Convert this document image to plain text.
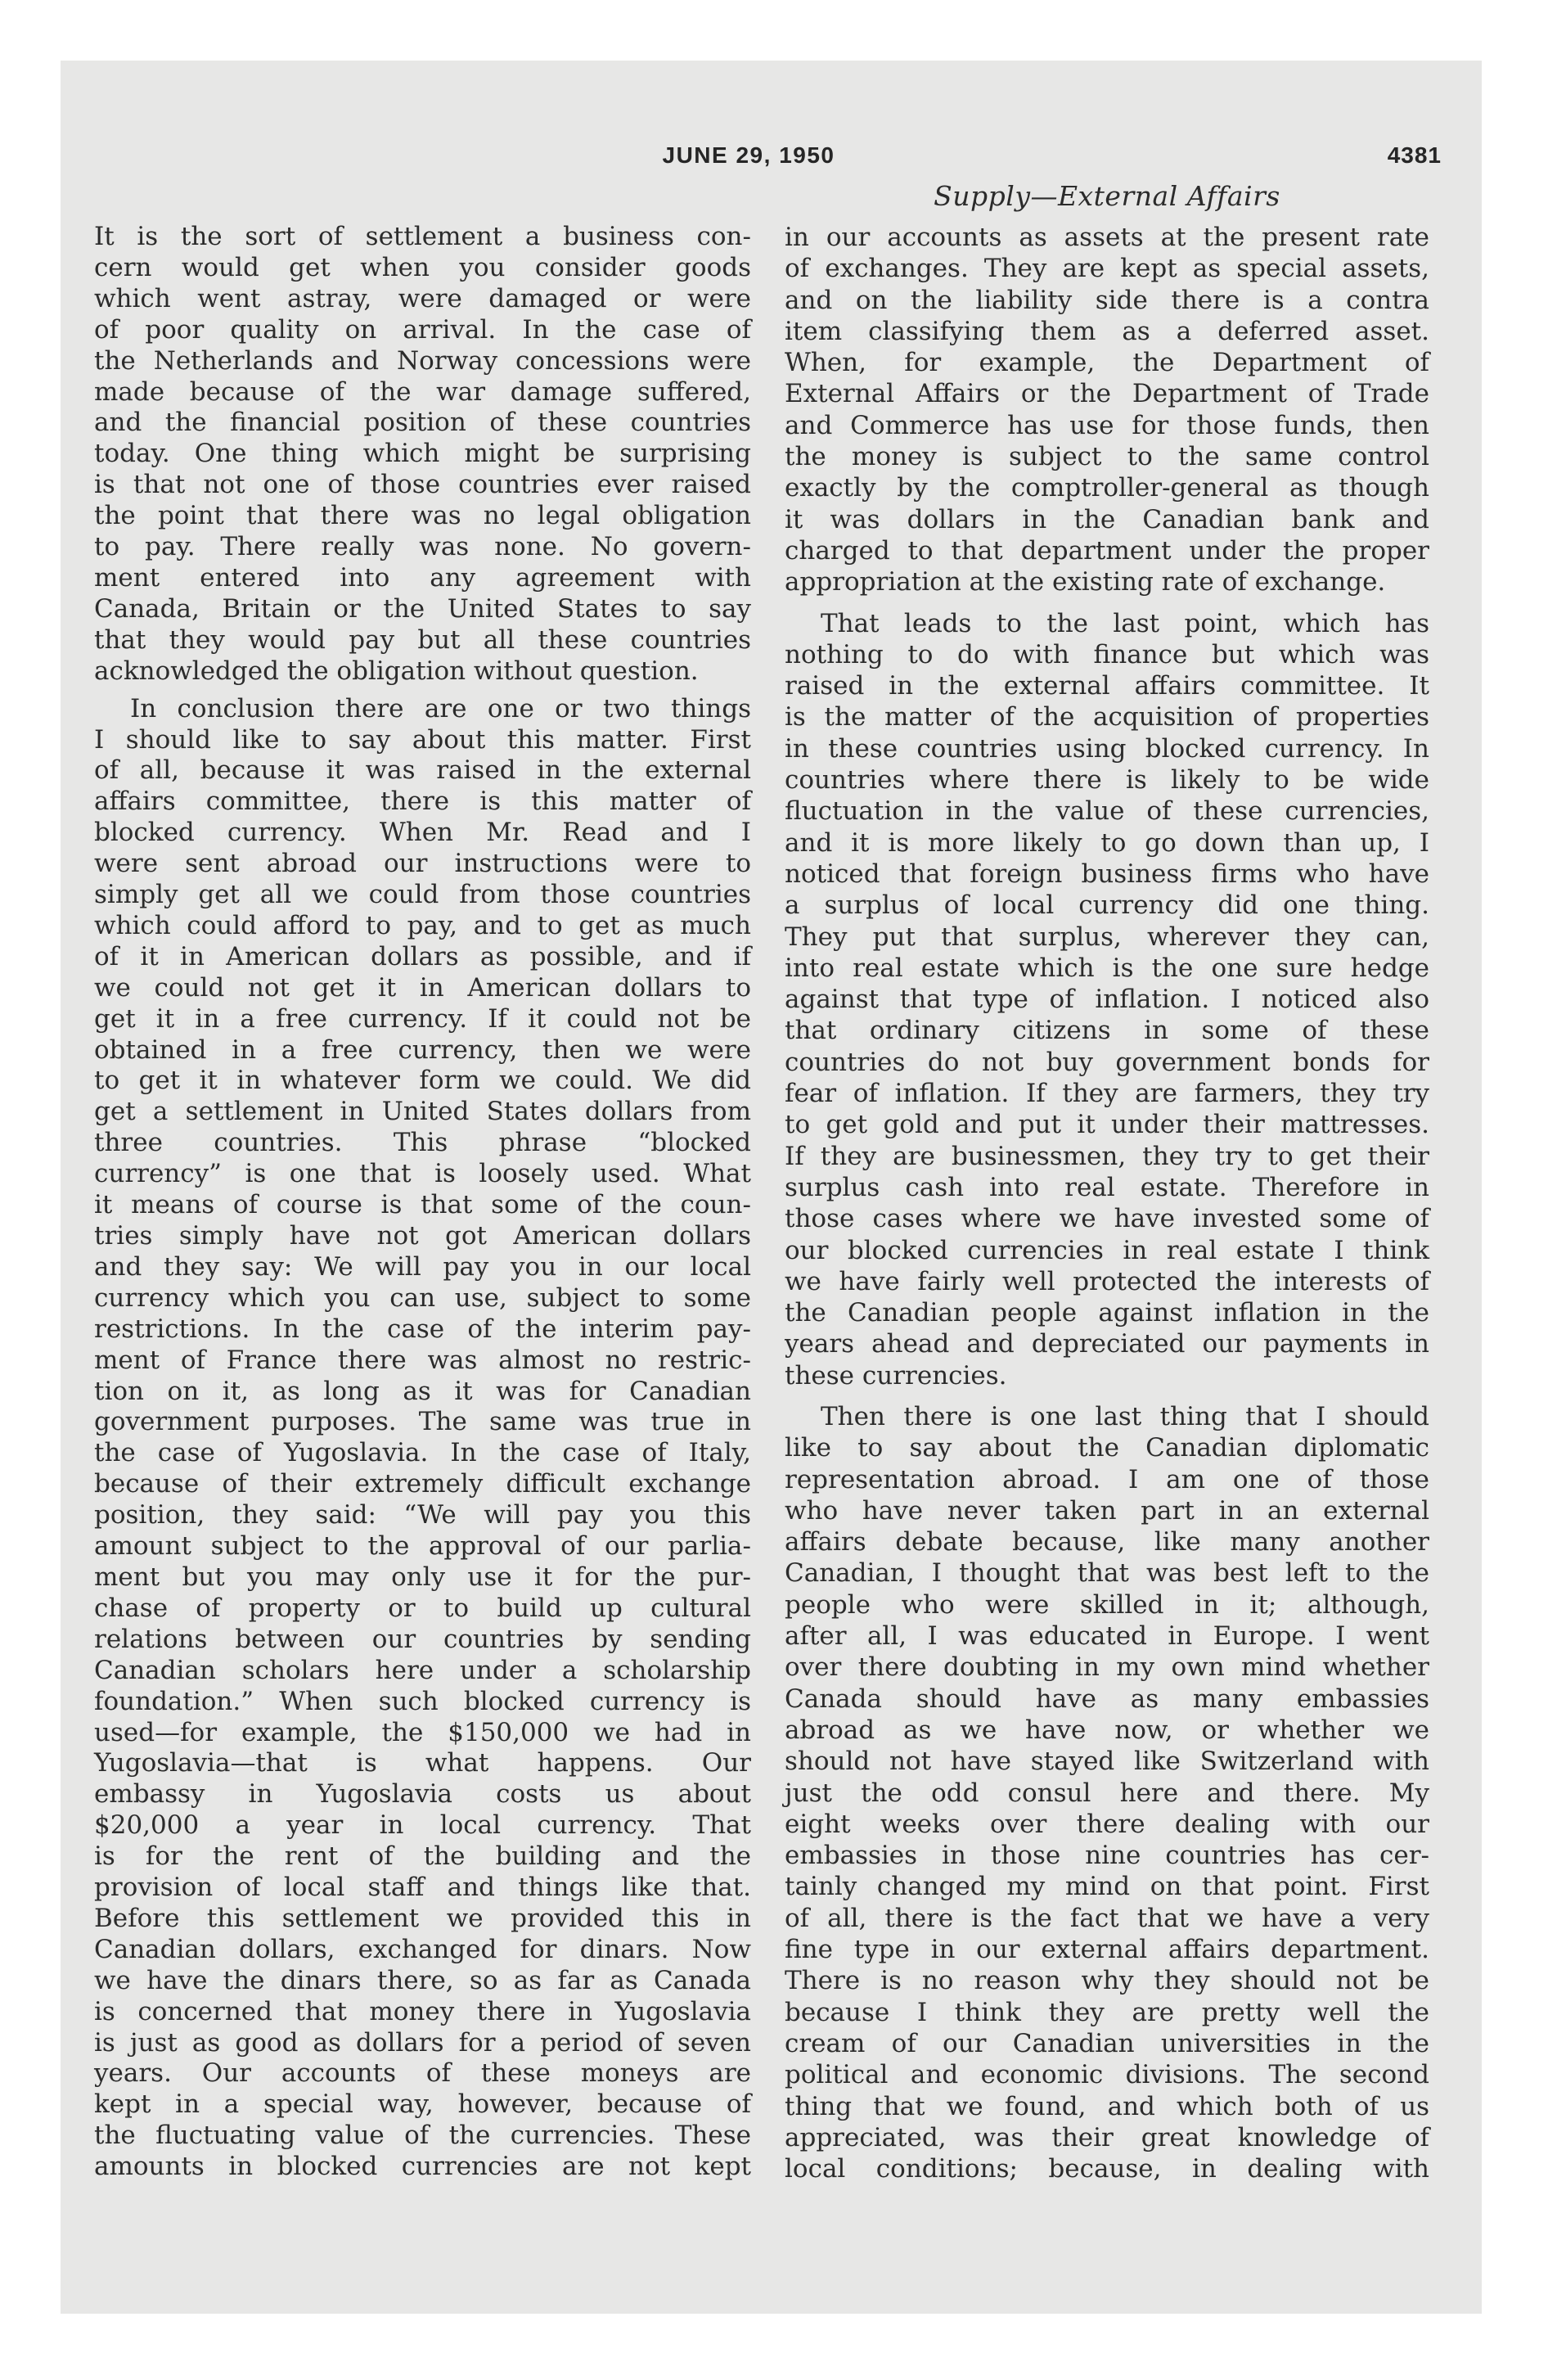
JUNE 29, 1950	4381
Supply—External Affairs
It is the sort of settlement a business con-
cern would get when you consider goods
which went astray, were damaged or were
of poor quality on arrival. In the case of
the Netherlands and Norway concessions were
made because of the war damage suffered,
and the financial position of these countries
today. One thing which might be surprising
is that not one of those countries ever raised
the point that there was no legal obligation
to pay. There really was none. No govern-
ment entered into any agreement with
Canada, Britain or the United States to say
that they would pay but all these countries
acknowledged the obligation without question.
In conclusion there are one or two things
I should like to say about this matter. First
of all, because it was raised in the external
affairs committee, there is this matter of
blocked currency. When Mr. Read and I
were sent abroad our instructions were to
simply get all we could from those countries
which could afford to pay, and to get as much
of it in American dollars as possible, and if
we could not get it in American dollars to
get it in a free currency. If it could not be
obtained in a free currency, then we were
to get it in whatever form we could. We did
get a settlement in United States dollars from
three countries. This phrase “blocked
currency” is one that is loosely used. What
it means of course is that some of the coun-
tries simply have not got American dollars
and they say: We will pay you in our local
currency which you can use, subject to some
restrictions. In the case of the interim pay-
ment of France there was almost no restric-
tion on it, as long as it was for Canadian
government purposes. The same was true in
the case of Yugoslavia. In the case of Italy,
because of their extremely difficult exchange
position, they said: “We will pay you this
amount subject to the approval of our parlia-
ment but you may only use it for the pur-
chase of property or to build up cultural
relations between our countries by sending
Canadian scholars here under a scholarship
foundation.” When such blocked currency is
used—for example, the $150,000 we had in
Yugoslavia—that is what happens. Our
embassy in Yugoslavia costs us about
$20,000 a year in local currency. That
is for the rent of the building and the
provision of local staff and things like that.
Before this settlement we provided this in
Canadian dollars, exchanged for dinars. Now
we have the dinars there, so as far as Canada
is concerned that money there in Yugoslavia
is just as good as dollars for a period of seven
years. Our accounts of these moneys are
kept in a special way, however, because of
the fluctuating value of the currencies. These
amounts in blocked currencies are not kept
in our accounts as assets at the present rate
of exchanges. They are kept as special assets,
and on the liability side there is a contra
item classifying them as a deferred asset.
When, for example, the Department of
External Affairs or the Department of Trade
and Commerce has use for those funds, then
the money is subject to the same control
exactly by the comptroller-general as though
it was dollars in the Canadian bank and
charged to that department under the proper
appropriation at the existing rate of exchange.
That leads to the last point, which has
nothing to do with finance but which was
raised in the external affairs committee. It
is the matter of the acquisition of properties
in these countries using blocked currency. In
countries where there is likely to be wide
fluctuation in the value of these currencies,
and it is more likely to go down than up, I
noticed that foreign business firms who have
a surplus of local currency did one thing.
They put that surplus, wherever they can,
into real estate which is the one sure hedge
against that type of inflation. I noticed also
that ordinary citizens in some of these
countries do not buy government bonds for
fear of inflation. If they are farmers, they try
to get gold and put it under their mattresses.
If they are businessmen, they try to get their
surplus cash into real estate. Therefore in
those cases where we have invested some of
our blocked currencies in real estate I think
we have fairly well protected the interests of
the Canadian people against inflation in the
years ahead and depreciated our payments in
these currencies.
Then there is one last thing that I should
like to say about the Canadian diplomatic
representation abroad. I am one of those
who have never taken part in an external
affairs debate because, like many another
Canadian, I thought that was best left to the
people who were skilled in it; although,
after all, I was educated in Europe. I went
over there doubting in my own mind whether
Canada should have as many embassies
abroad as we have now, or whether we
should not have stayed like Switzerland with
just the odd consul here and there. My
eight weeks over there dealing with our
embassies in those nine countries has cer-
tainly changed my mind on that point. First
of all, there is the fact that we have a very
fine type in our external affairs department.
There is no reason why they should not be
because I think they are pretty well the
cream of our Canadian universities in the
political and economic divisions. The second
thing that we found, and which both of us
appreciated, was their great knowledge of
local conditions; because, in dealing with
